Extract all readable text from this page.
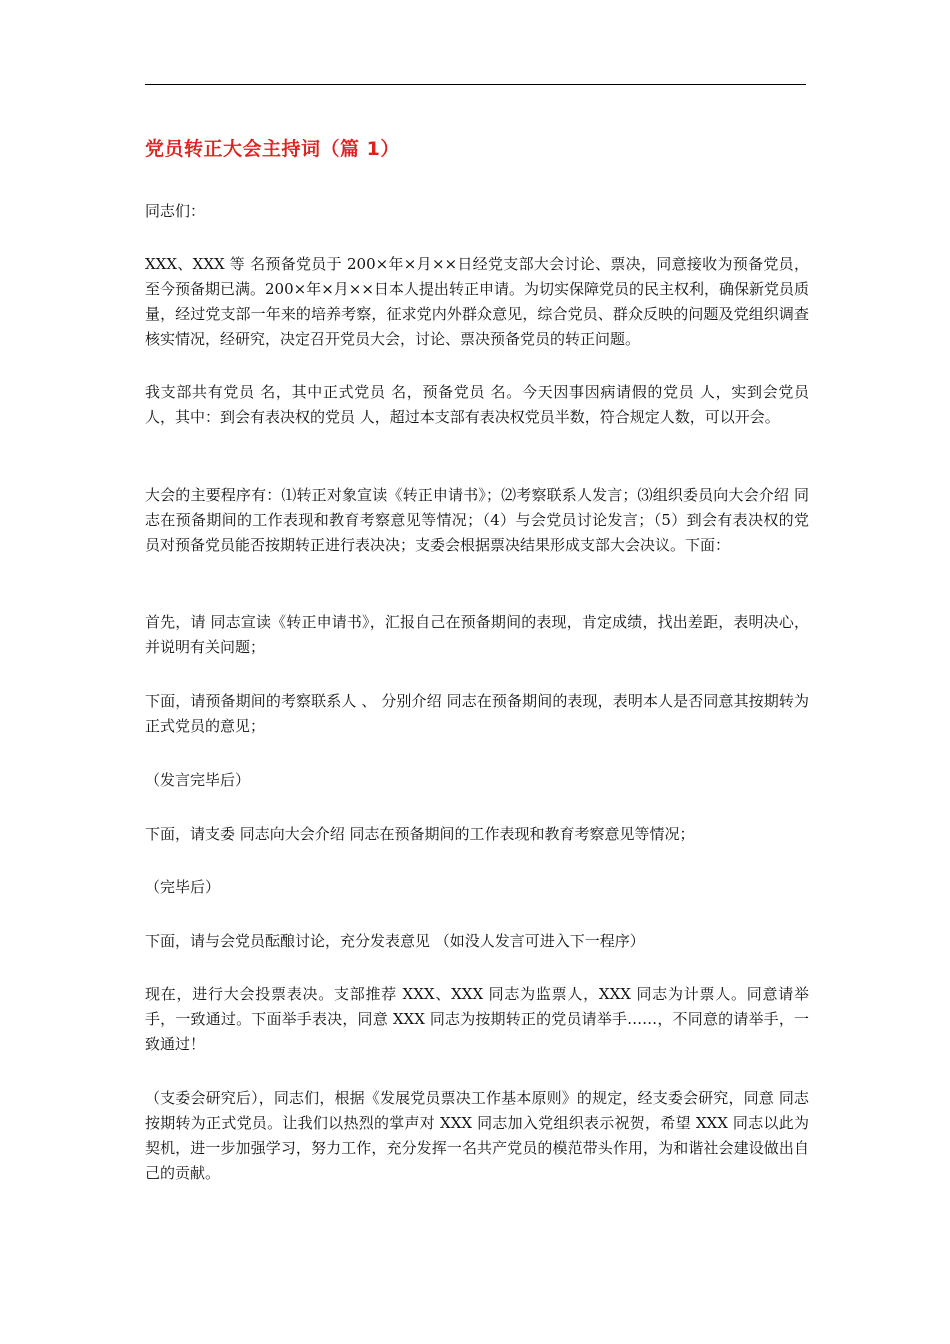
党员转正大会主持词（篇 1）

同志们：

XXX、XXX 等 名预备党员于 200×年×月××日经党支部大会讨论、票决，同意接收为预备党员，至今预备期已满。200×年×月××日本人提出转正申请。为切实保障党员的民主权利，确保新党员质量，经过党支部一年来的培养考察，征求党内外群众意见，综合党员、群众反映的问题及党组织调查核实情况，经研究，决定召开党员大会，讨论、票决预备党员的转正问题。

我支部共有党员 名，其中正式党员 名，预备党员 名。今天因事因病请假的党员 人，实到会党员 人，其中：到会有表决权的党员 人，超过本支部有表决权党员半数，符合规定人数，可以开会。

大会的主要程序有：⑴转正对象宣读《转正申请书》；⑵考察联系人发言；⑶组织委员向大会介绍 同志在预备期间的工作表现和教育考察意见等情况；（4）与会党员讨论发言；（5）到会有表决权的党员对预备党员能否按期转正进行表决决；支委会根据票决结果形成支部大会决议。下面：

首先，请 同志宣读《转正申请书》，汇报自己在预备期间的表现，肯定成绩，找出差距，表明决心，并说明有关问题；

下面，请预备期间的考察联系人 、 分别介绍 同志在预备期间的表现，表明本人是否同意其按期转为正式党员的意见；

（发言完毕后）

下面，请支委 同志向大会介绍 同志在预备期间的工作表现和教育考察意见等情况；

（完毕后）

下面，请与会党员酝酿讨论，充分发表意见 （如没人发言可进入下一程序）

现在，进行大会投票表决。支部推荐 XXX、XXX 同志为监票人，XXX 同志为计票人。同意请举手，一致通过。下面举手表决，同意 XXX 同志为按期转正的党员请举手……，不同意的请举手，一致通过！

（支委会研究后），同志们，根据《发展党员票决工作基本原则》的规定，经支委会研究，同意 同志按期转为正式党员。让我们以热烈的掌声对 XXX 同志加入党组织表示祝贺，希望 XXX 同志以此为契机，进一步加强学习，努力工作，充分发挥一名共产党员的模范带头作用，为和谐社会建设做出自己的贡献。
